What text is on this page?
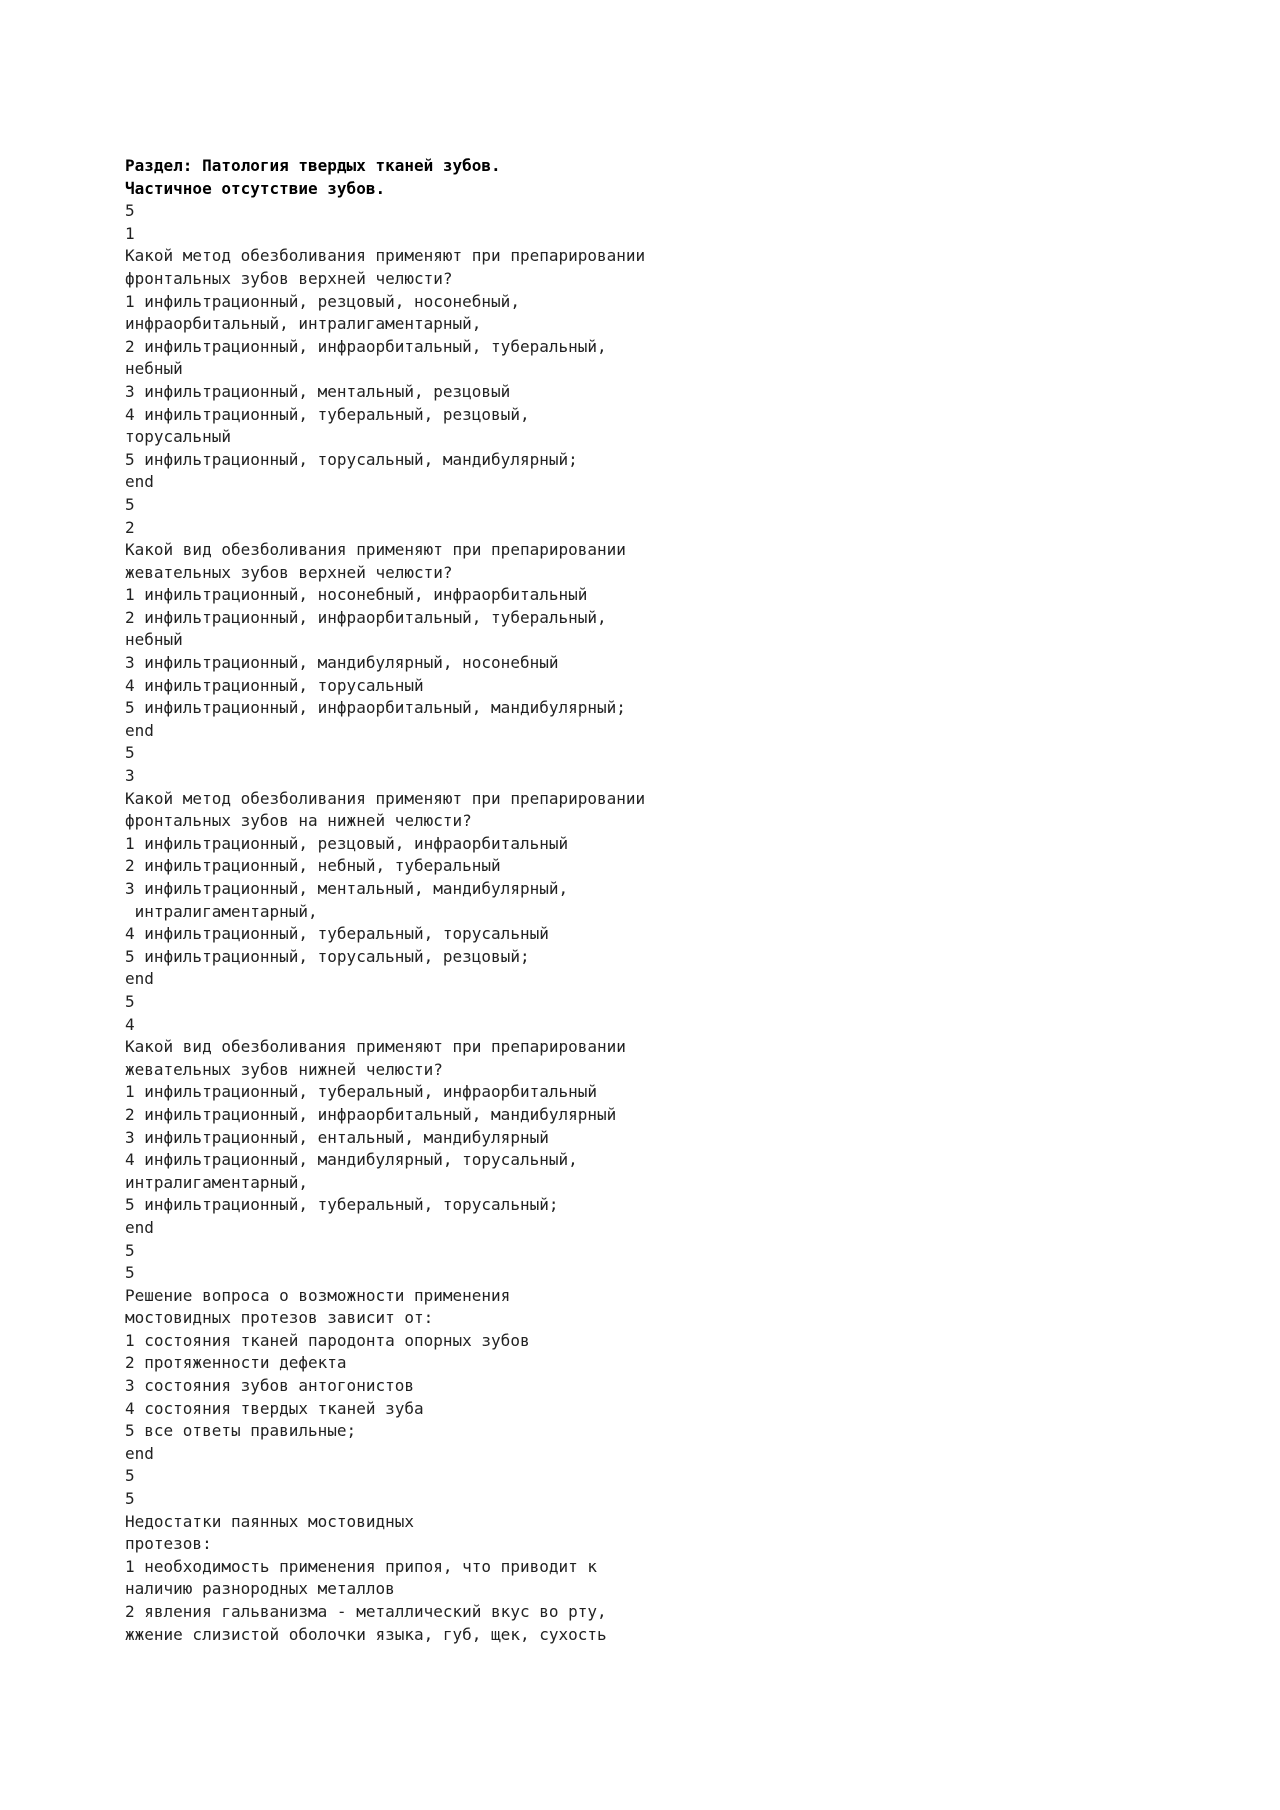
Раздел: Патология твердых тканей зубов.
Частичное отсутствие зубов.
5
1
Какой метод обезболивания применяют при препарировании
фронтальных зубов верхней челюсти?
1 инфильтрационный, резцовый, носонебный,
инфраорбитальный, интралигаментарный,
2 инфильтрационный, инфраорбитальный, туберальный,
небный
3 инфильтрационный, ментальный, резцовый
4 инфильтрационный, туберальный, резцовый,
торусальный
5 инфильтрационный, торусальный, мандибулярный;
end
5
2
Какой вид обезболивания применяют при препарировании
жевательных зубов верхней челюсти?
1 инфильтрационный, носонебный, инфраорбитальный
2 инфильтрационный, инфраорбитальный, туберальный,
небный
3 инфильтрационный, мандибулярный, носонебный
4 инфильтрационный, торусальный
5 инфильтрационный, инфраорбитальный, мандибулярный;
end
5
3
Какой метод обезболивания применяют при препарировании
фронтальных зубов на нижней челюсти?
1 инфильтрационный, резцовый, инфраорбитальный
2 инфильтрационный, небный, туберальный
3 инфильтрационный, ментальный, мандибулярный,
интралигаментарный,
4 инфильтрационный, туберальный, торусальный
5 инфильтрационный, торусальный, резцовый;
end
5
4
Какой вид обезболивания применяют при препарировании
жевательных зубов нижней челюсти?
1 инфильтрационный, туберальный, инфраорбитальный
2 инфильтрационный, инфраорбитальный, мандибулярный
3 инфильтрационный, ентальный, мандибулярный
4 инфильтрационный, мандибулярный, торусальный,
интралигаментарный,
5 инфильтрационный, туберальный, торусальный;
end
5
5
Решение вопроса о возможности применения
мостовидных протезов зависит от:
1 состояния тканей пародонта опорных зубов
2 протяженности дефекта
3 состояния зубов антогонистов
4 состояния твердых тканей зуба
5 все ответы правильные;
end
5
5
Недостатки паянных мостовидных
протезов:
1 необходимость применения припоя, что приводит к
наличию разнородных металлов
2 явления гальванизма - металлический вкус во рту,
жжение слизистой оболочки языка, губ, щек, сухость
